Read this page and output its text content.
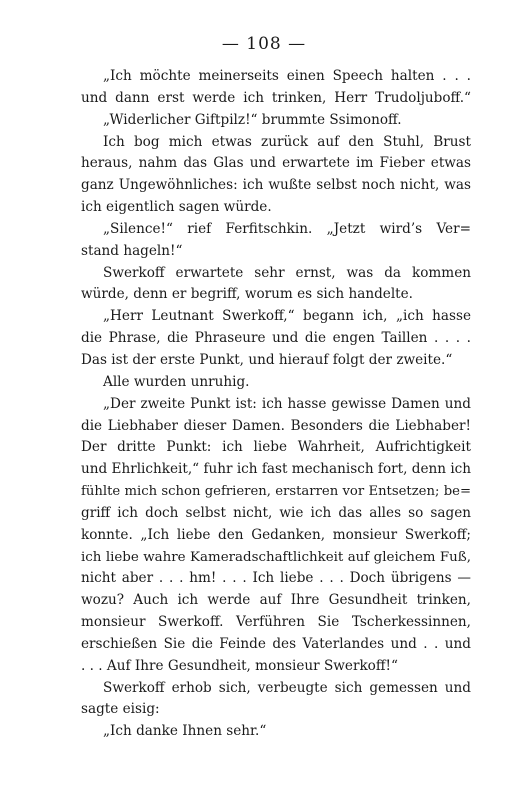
— 108 —
„Ich möchte meinerseits einen Speech halten . . .
und dann erst werde ich trinken, Herr Trudoljuboff.“
„Widerlicher Giftpilz!“ brummte Ssimonoff.
Ich bog mich etwas zurück auf den Stuhl, Brust
heraus, nahm das Glas und erwartete im Fieber etwas
ganz Ungewöhnliches: ich wußte selbst noch nicht, was
ich eigentlich sagen würde.
„Silence!“ rief Ferfitschkin. „Jetzt wird’s Ver=
stand hageln!“
Swerkoff erwartete sehr ernst, was da kommen
würde, denn er begriff, worum es sich handelte.
„Herr Leutnant Swerkoff,“ begann ich, „ich hasse
die Phrase, die Phraseure und die engen Taillen . . . .
Das ist der erste Punkt, und hierauf folgt der zweite.“
Alle wurden unruhig.
„Der zweite Punkt ist: ich hasse gewisse Damen und
die Liebhaber dieser Damen. Besonders die Liebhaber!
Der dritte Punkt: ich liebe Wahrheit, Aufrichtigkeit
und Ehrlichkeit,“ fuhr ich fast mechanisch fort, denn ich
fühlte mich schon gefrieren, erstarren vor Entsetzen; be=
griff ich doch selbst nicht, wie ich das alles so sagen
konnte. „Ich liebe den Gedanken, monsieur Swerkoff;
ich liebe wahre Kameradschaftlichkeit auf gleichem Fuß,
nicht aber . . . hm! . . . Ich liebe . . . Doch übrigens —
wozu? Auch ich werde auf Ihre Gesundheit trinken,
monsieur Swerkoff. Verführen Sie Tscherkessinnen,
erschießen Sie die Feinde des Vaterlandes und . . und
. . . Auf Ihre Gesundheit, monsieur Swerkoff!“
Swerkoff erhob sich, verbeugte sich gemessen und
sagte eisig:
„Ich danke Ihnen sehr.“
